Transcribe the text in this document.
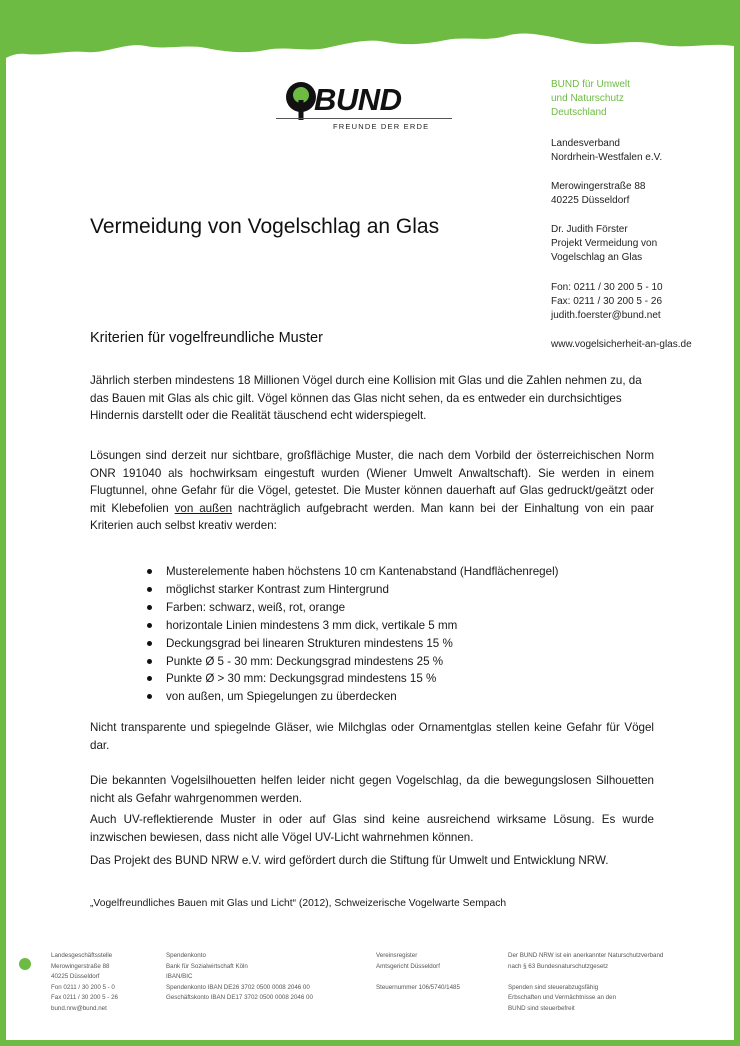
BUND
FREUNDE DER ERDE
BUND für Umwelt
und Naturschutz
Deutschland
Landesverband
Nordrhein-Westfalen e.V.
Merowingerstraße 88
40225 Düsseldorf
Dr. Judith Förster
Projekt Vermeidung von
Vogelschlag an Glas
Fon: 0211 / 30 200 5 - 10
Fax: 0211 / 30 200 5 - 26
judith.foerster@bund.net
www.vogelsicherheit-an-glas.de
Vermeidung von Vogelschlag an Glas
Kriterien für vogelfreundliche Muster

Jährlich sterben mindestens 18 Millionen Vögel durch eine Kollision mit Glas und die Zahlen nehmen zu, da das Bauen mit Glas als chic gilt. Vögel können das Glas nicht sehen, da es entweder ein durchsichtiges Hindernis darstellt oder die Realität täuschend echt widerspiegelt.

Lösungen sind derzeit nur sichtbare, großflächige Muster, die nach dem Vorbild der österreichischen Norm ONR 191040 als hochwirksam eingestuft wurden (Wiener Umwelt Anwaltschaft). Sie werden in einem Flugtunnel, ohne Gefahr für die Vögel, getestet. Die Muster können dauerhaft auf Glas gedruckt/geätzt oder mit Klebefolien von außen nachträglich aufgebracht werden. Man kann bei der Einhaltung von ein paar Kriterien auch selbst kreativ werden:

Musterelemente haben höchstens 10 cm Kantenabstand (Handflächenregel)
möglichst starker Kontrast zum Hintergrund
Farben: schwarz, weiß, rot, orange
horizontale Linien mindestens 3 mm dick, vertikale 5 mm
Deckungsgrad bei linearen Strukturen mindestens 15 %
Punkte Ø 5 - 30 mm: Deckungsgrad mindestens 25 %
Punkte Ø > 30 mm: Deckungsgrad mindestens 15 %
von außen, um Spiegelungen zu überdecken

Nicht transparente und spiegelnde Gläser, wie Milchglas oder Ornamentglas stellen keine Gefahr für Vögel dar.

Die bekannten Vogelsilhouetten helfen leider nicht gegen Vogelschlag, da die bewegungslosen Silhouetten nicht als Gefahr wahrgenommen werden.

Auch UV-reflektierende Muster in oder auf Glas sind keine ausreichend wirksame Lösung. Es wurde inzwischen bewiesen, dass nicht alle Vögel UV-Licht wahrnehmen können.

Das Projekt des BUND NRW e.V. wird gefördert durch die Stiftung für Umwelt und Entwicklung NRW.

„Vogelfreundliches Bauen mit Glas und Licht“ (2012), Schweizerische Vogelwarte Sempach

Landesgeschäftsstelle
Merowingerstraße 88
40225 Düsseldorf
Fon 0211 / 30 200 5 - 0
Fax 0211 / 30 200 5 - 26
bund.nrw@bund.net
Spendenkonto
Bank für Sozialwirtschaft Köln
IBAN/BIC
Spendenkonto IBAN DE26 3702 0500 0008 2046 00
Geschäftskonto IBAN DE17 3702 0500 0008 2046 00
Vereinsregister
Amtsgericht Düsseldorf

Steuernummer 106/5740/1485
Der BUND NRW ist ein anerkannter Naturschutzverband
nach § 63 Bundesnaturschutzgesetz

Spenden sind steuerabzugsfähig
Erbschaften und Vermächtnisse an den
BUND sind steuerbefreit
